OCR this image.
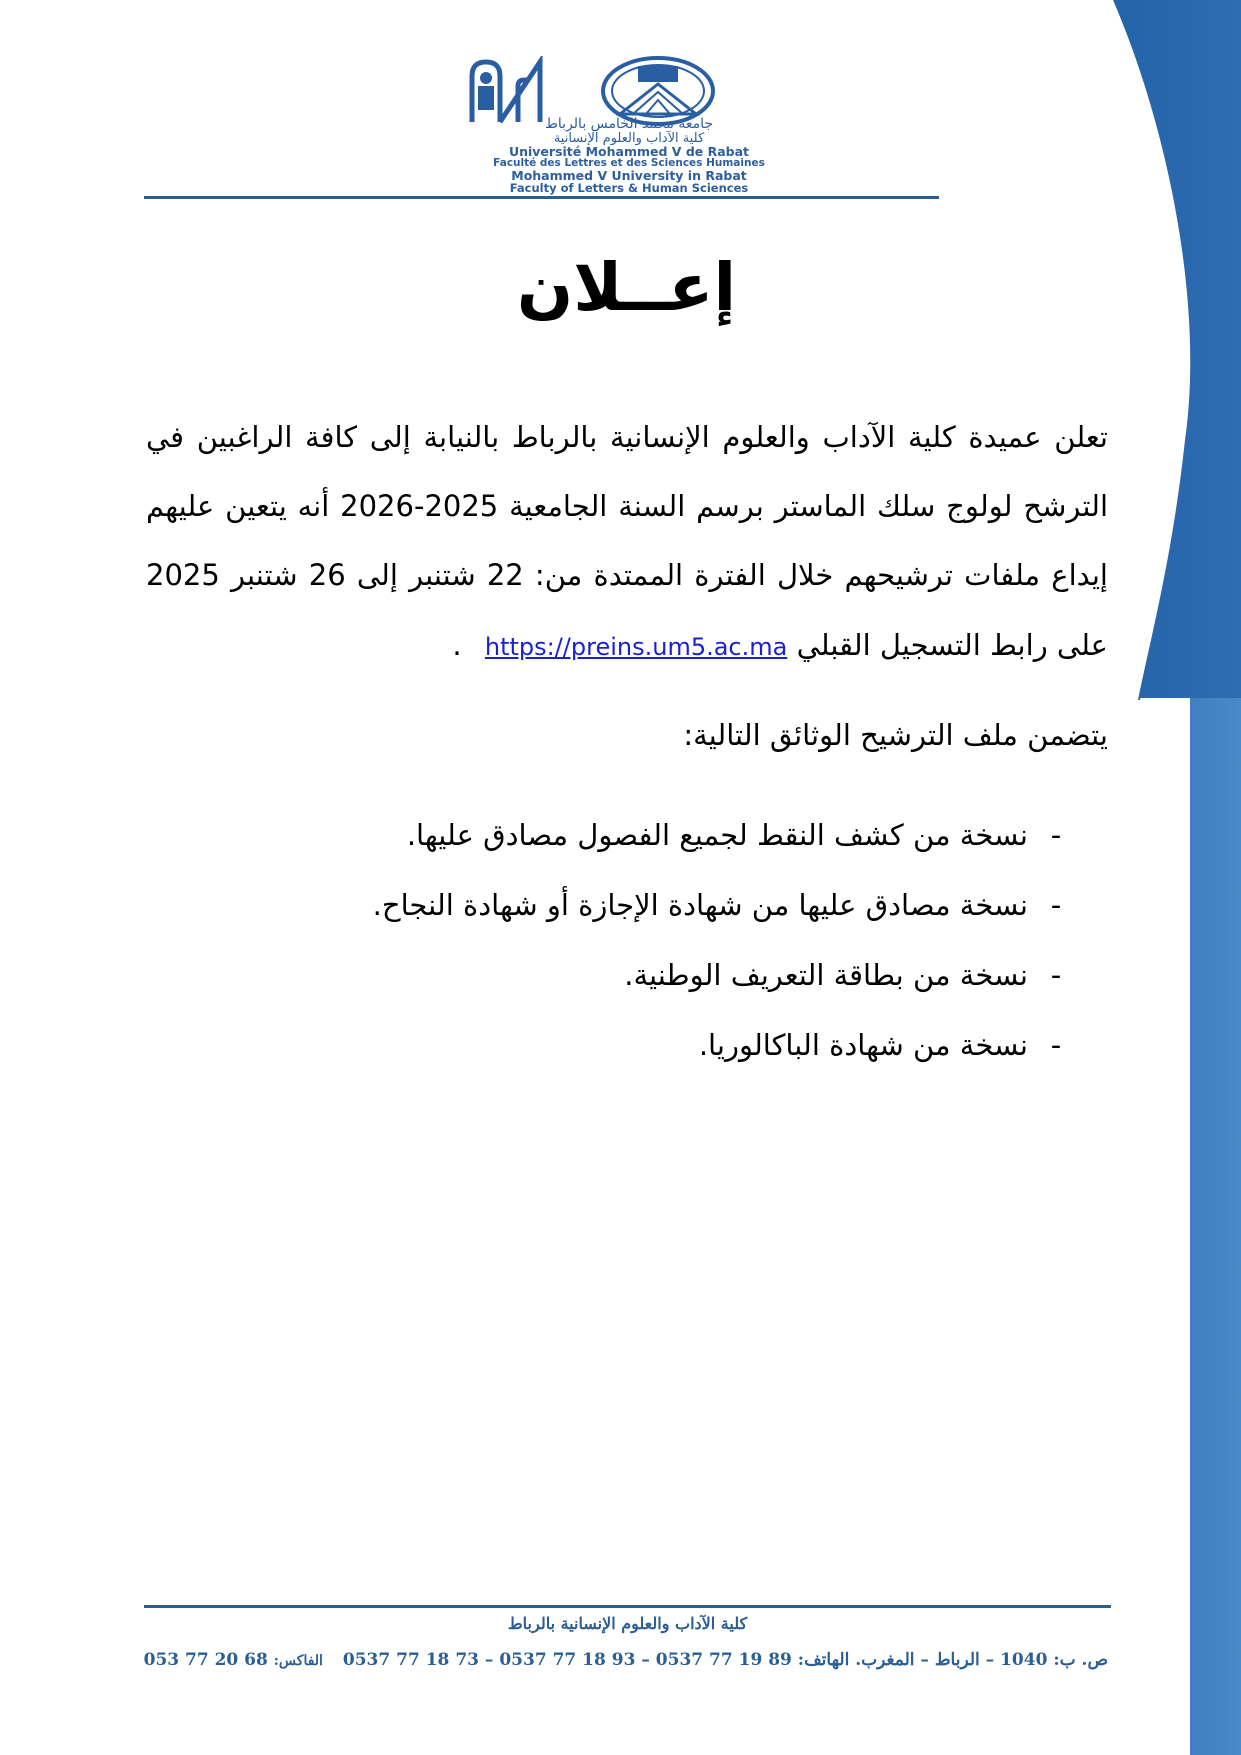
جامعة محمد الخامس بالرباط
كلية الآداب والعلوم الإنسانية
Université Mohammed V de Rabat
Faculté des Lettres et des Sciences Humaines
Mohammed V University in Rabat
Faculty of Letters & Human Sciences
إعــلان
تعلن عميدة كلية الآداب والعلوم الإنسانية بالرباط بالنيابة إلى كافة الراغبين في
الترشح لولوج سلك الماستر برسم السنة الجامعية 2025-2026 أنه يتعين عليهم
إيداع ملفات ترشيحهم خلال الفترة الممتدة من: 22 شتنبر إلى 26 شتنبر 2025
على رابط التسجيل القبلي https://preins.um5.ac.ma .
يتضمن ملف الترشيح الوثائق التالية:
-
نسخة من كشف النقط لجميع الفصول مصادق عليها.
-
نسخة مصادق عليها من شهادة الإجازة أو شهادة النجاح.
-
نسخة من بطاقة التعريف الوطنية.
-
نسخة من شهادة الباكالوريا.
كلية الآداب والعلوم الإنسانية بالرباط
ص. ب: 1040 – الرباط – المغرب. الهاتف: 89 19 77 0537 – 93 18 77 0537 – 73 18 77 0537 الفاكس: 053 77 20 68
